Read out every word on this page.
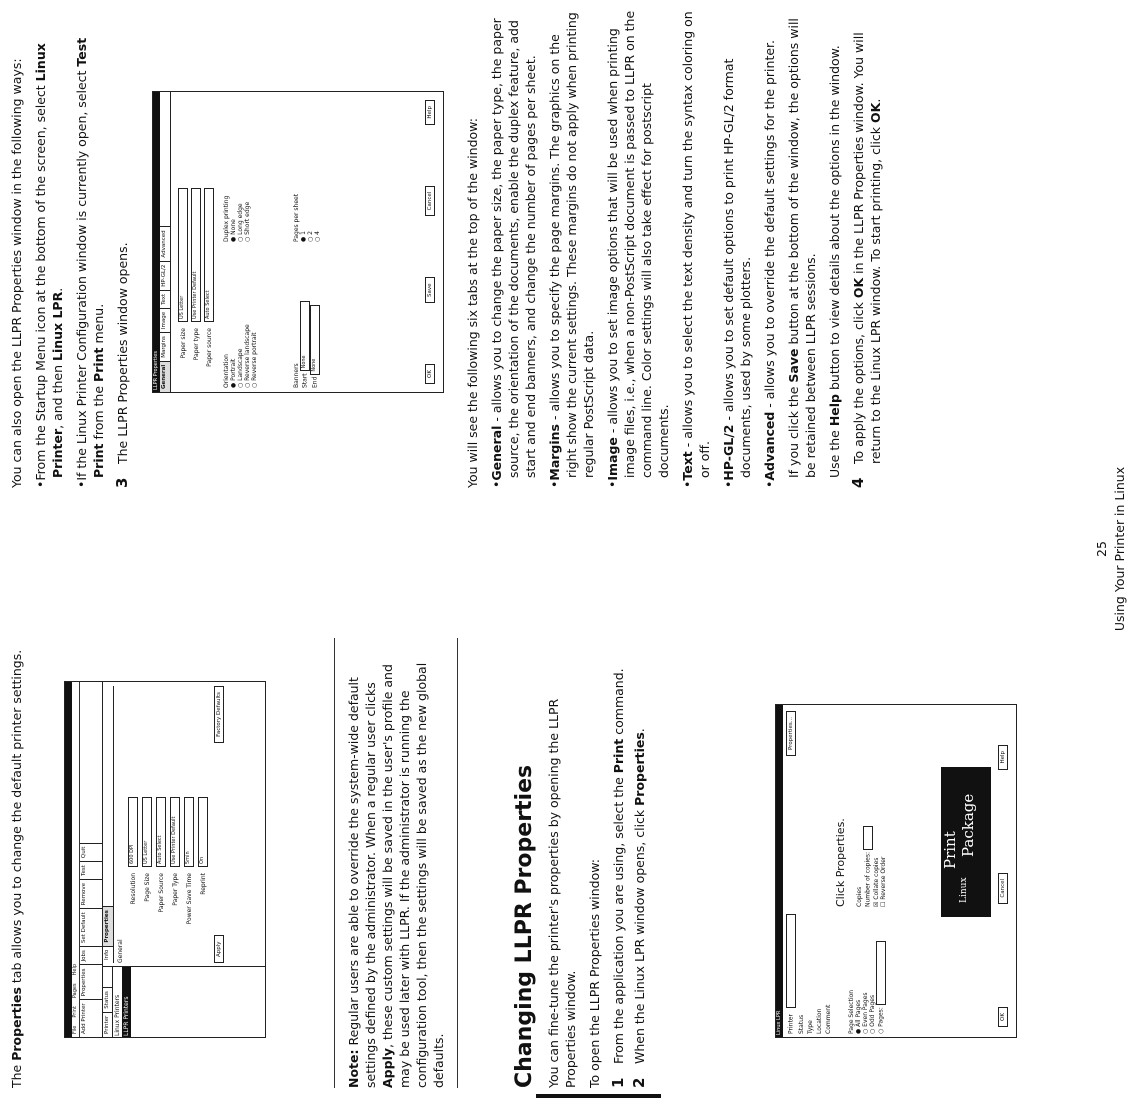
The Properties tab allows you to change the default printer settings.

File
Print
Pages
Help
Add Printer
Properties
Jobs
Set Default
Remove
Test
Quit
Printer
Status Linux Printers LLPR Printers
Info
Properties
General
Resolution600 DPI
Page SizeUS Letter
Paper SourceAuto Select
Paper TypeUse Printer Default
Power Save Time5min
ReprintOn
Apply
Factory Defaults

Note: Regular users are able to override the system-wide default settings defined by the administrator. When a regular user clicks Apply, these custom settings will be saved in the user's profile and may be used later with LLPR. If the administrator is running the configuration tool, then the settings will be saved as the new global defaults.	Changing LLPR Properties You can fine-tune the printer's properties by opening the LLPR Properties window. To open the LLPR Properties window: 1
From the application you are using, select the Print command.
2
When the Linux LPR window opens, click Properties.
Linux LPR Printer Status Type Location Comment
Properties...
Click Properties.
Page Selection ● All Pages
○ Even Pages
○ Odd Pages
○ Pages:
Copies Number of copies: ☒ Collate copies
☐ Reverse Order	Linux
Print Package
OK
Cancel
Help

You can also open the LLPR Properties window in the following ways: •From the Startup Menu icon at the bottom of the screen, select Linux Printer, and then Linux LPR.

•If the Linux Printer Configuration window is currently open, select Test Print from the Print menu.

3
The LLPR Properties window opens.	LLPR Properties General
Margins
Image
Text
HP-GL/2
Advanced
Paper sizeUS Letter
Paper typeUse Printer Default
Paper sourceAuto Select
Orientation ● Portrait
○ Landscape
○ Reverse landscape
○ Reverse portrait
Duplex printing ● None
○ Long edge
○ Short edge
Banners Start None
End None
Pages per sheet ● 1
○ 2
○ 4
OK
Save
Cancel
Help

You will see the following six tabs at the top of the window: •General - allows you to change the paper size, the paper type, the paper source, the orientation of the documents, enable the duplex feature, add start and end banners, and change the number of pages per sheet.

•Margins - allows you to specify the page margins. The graphics on the right show the current settings. These margins do not apply when printing regular PostScript data.

•Image - allows you to set image options that will be used when printing image files, i.e., when a non-PostScript document is passed to LLPR on the command line. Color settings will also take effect for postscript documents.

•Text - allows you to select the text density and turn the syntax coloring on or off.

•HP-GL/2 - allows you to set default options to print HP-GL/2 format documents, used by some plotters.

•Advanced - allows you to override the default settings for the printer.

If you click the Save button at the bottom of the window, the options will be retained between LLPR sessions. Use the Help button to view details about the options in the window.

4
To apply the options, click OK in the LLPR Properties window. You will return to the Linux LPR window. To start printing, click OK.
25 Using Your Printer in Linux
